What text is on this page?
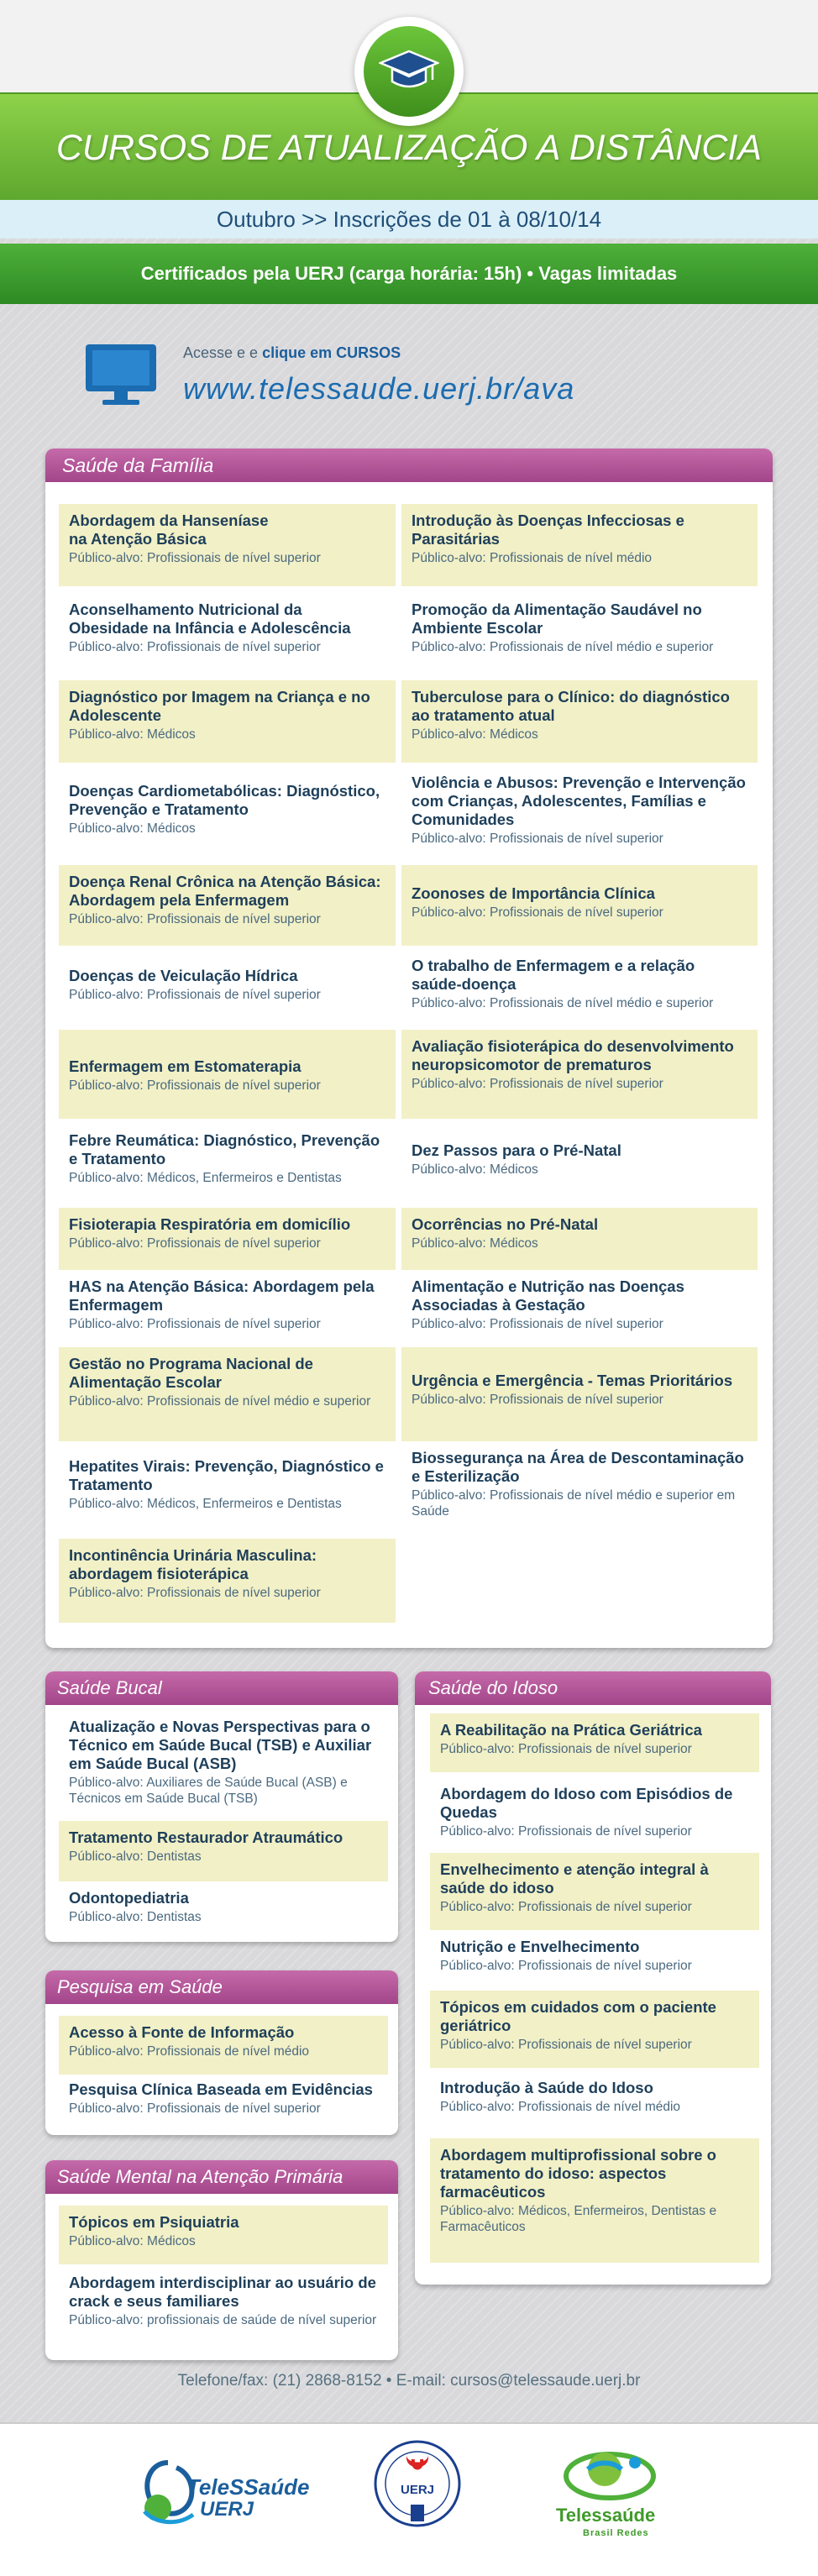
CURSOS DE ATUALIZAÇÃO A DISTÂNCIA
Outubro >> Inscrições de 01 à 08/10/14
Certificados pela UERJ (carga horária: 15h) • Vagas limitadas
Acesse e e clique em CURSOS
www.telessaude.uerj.br/ava
Saúde da Família
Abordagem da Hanseníase
na Atenção Básica
Público-alvo: Profissionais de nível superior
Aconselhamento Nutricional da Obesidade na Infância e Adolescência
Público-alvo: Profissionais de nível superior
Diagnóstico por Imagem na Criança e no Adolescente
Público-alvo: Médicos
Doenças Cardiometabólicas: Diagnóstico, Prevenção e Tratamento
Público-alvo: Médicos
Doença Renal Crônica na Atenção Básica: Abordagem pela Enfermagem
Público-alvo: Profissionais de nível superior
Doenças de Veiculação Hídrica
Público-alvo: Profissionais de nível superior
Enfermagem em Estomaterapia
Público-alvo: Profissionais de nível superior
Febre Reumática: Diagnóstico, Prevenção e Tratamento
Público-alvo: Médicos, Enfermeiros e Dentistas
Fisioterapia Respiratória em domicílio
Público-alvo: Profissionais de nível superior
HAS na Atenção Básica: Abordagem pela Enfermagem
Público-alvo: Profissionais de nível superior
Gestão no Programa Nacional de Alimentação Escolar
Público-alvo: Profissionais de nível médio e superior
Hepatites Virais: Prevenção, Diagnóstico e Tratamento
Público-alvo: Médicos, Enfermeiros e Dentistas
Incontinência Urinária Masculina: abordagem fisioterápica
Público-alvo: Profissionais de nível superior
Introdução às Doenças Infecciosas e Parasitárias
Público-alvo: Profissionais de nível médio
Promoção da Alimentação Saudável no Ambiente Escolar
Público-alvo: Profissionais de nível médio e superior
Tuberculose para o Clínico: do diagnóstico ao tratamento atual
Público-alvo: Médicos
Violência e Abusos: Prevenção e Intervenção com Crianças, Adolescentes, Famílias e Comunidades
Público-alvo: Profissionais de nível superior
Zoonoses de Importância Clínica
Público-alvo: Profissionais de nível superior
O trabalho de Enfermagem e a relação saúde-doença
Público-alvo: Profissionais de nível médio e superior
Avaliação fisioterápica do desenvolvimento neuropsicomotor de prematuros
Público-alvo: Profissionais de nível superior
Dez Passos para o Pré-Natal
Público-alvo: Médicos
Ocorrências no Pré-Natal
Público-alvo: Médicos
Alimentação e Nutrição nas Doenças Associadas à Gestação
Público-alvo: Profissionais de nível superior
Urgência e Emergência - Temas Prioritários
Público-alvo: Profissionais de nível superior
Biossegurança na Área de Descontaminação e Esterilização
Público-alvo: Profissionais de nível médio e superior em Saúde
Saúde Bucal
Atualização e Novas Perspectivas para o Técnico em Saúde Bucal (TSB) e Auxiliar em Saúde Bucal (ASB)
Público-alvo: Auxiliares de Saúde Bucal (ASB) e Técnicos em Saúde Bucal (TSB)
Tratamento Restaurador Atraumático
Público-alvo: Dentistas
Odontopediatria
Público-alvo: Dentistas
Pesquisa em Saúde
Acesso à Fonte de Informação
Público-alvo: Profissionais de nível médio
Pesquisa Clínica Baseada em Evidências
Público-alvo: Profissionais de nível superior
Saúde Mental na Atenção Primária
Tópicos em Psiquiatria
Público-alvo: Médicos
Abordagem interdisciplinar ao usuário de crack e seus familiares
Público-alvo: profissionais de saúde de nível superior
Saúde do Idoso
A Reabilitação na Prática Geriátrica
Público-alvo: Profissionais de nível superior
Abordagem do Idoso com Episódios de Quedas
Público-alvo: Profissionais de nível superior
Envelhecimento e atenção integral à saúde do idoso
Público-alvo: Profissionais de nível superior
Nutrição e Envelhecimento
Público-alvo: Profissionais de nível superior
Tópicos em cuidados com o paciente geriátrico
Público-alvo: Profissionais de nível superior
Introdução à Saúde do Idoso
Público-alvo: Profissionais de nível médio
Abordagem multiprofissional sobre o tratamento do idoso: aspectos farmacêuticos
Público-alvo: Médicos, Enfermeiros, Dentistas e Farmacêuticos
Telefone/fax: (21) 2868-8152 • E-mail: cursos@telessaude.uerj.br
TeleSSaúde
UERJ
UERJ
Telessaúde
Brasil Redes
